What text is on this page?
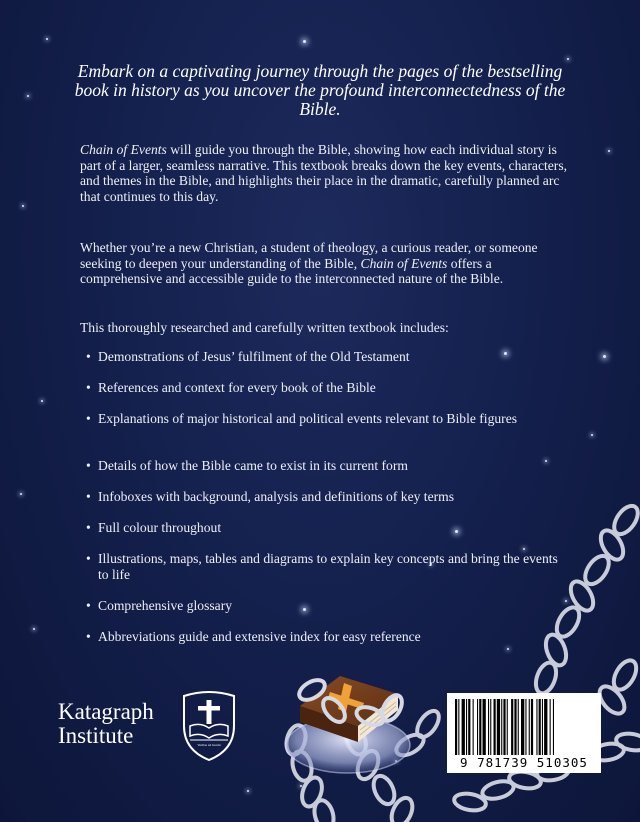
Embark on a captivating journey through the pages of the bestselling book in history as you uncover the profound interconnectedness of the Bible.

Chain of Events will guide you through the Bible, showing how each individual story is part of a larger, seamless narrative. This textbook breaks down the key events, characters, and themes in the Bible, and highlights their place in the dramatic, carefully planned arc that continues to this day.

Whether you’re a new Christian, a student of theology, a curious reader, or someone seeking to deepen your understanding of the Bible, Chain of Events offers a comprehensive and accessible guide to the interconnected nature of the Bible.

This thoroughly researched and carefully written textbook includes:

• Demonstrations of Jesus’ fulfilment of the Old Testament
• References and context for every book of the Bible
• Explanations of major historical and political events relevant to Bible figures
• Details of how the Bible came to exist in its current form
• Infoboxes with background, analysis and definitions of key terms
• Full colour throughout
• Illustrations, maps, tables and diagrams to explain key concepts and bring the events to life
• Comprehensive glossary
• Abbreviations guide and extensive index for easy reference
Katagraph
Institute	Veritas ad lucem
9 781739 510305
